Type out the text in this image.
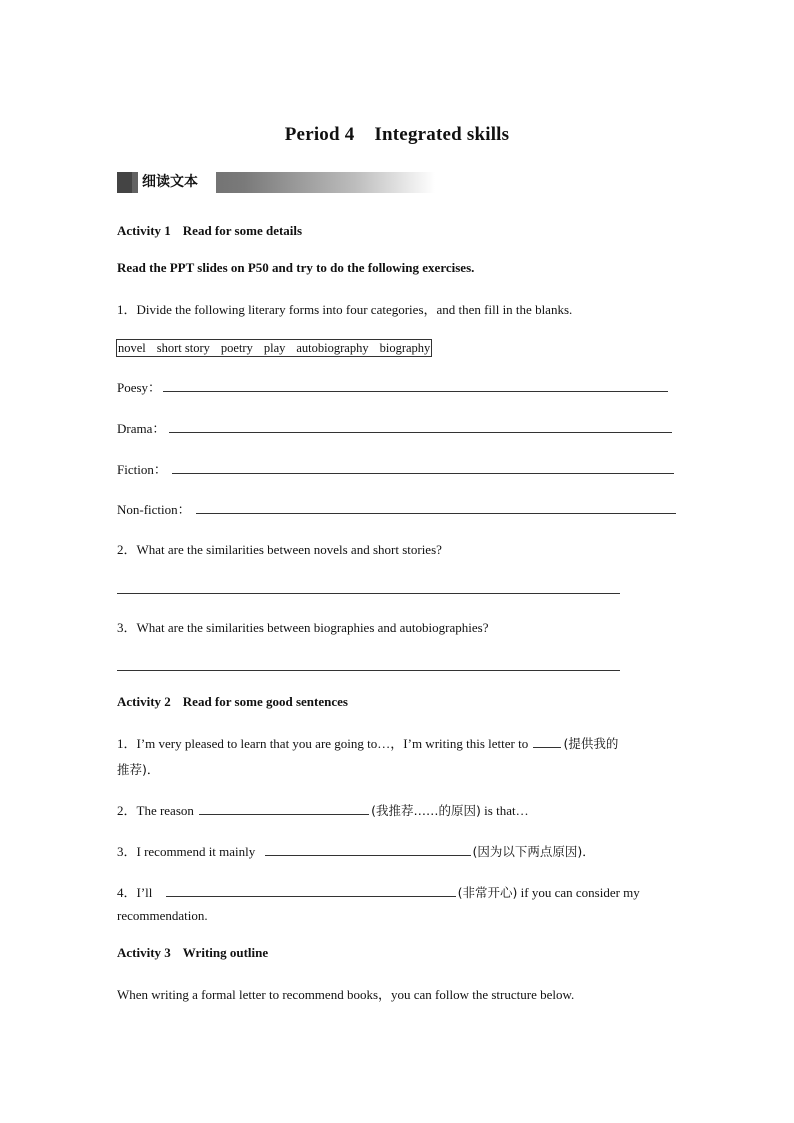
Period 4 Integrated skills
细读文本
Activity 1 Read for some details
Read the PPT slides on P50 and try to do the following exercises.
1．Divide the following literary forms into four categories，and then fill in the blanks.
novel short story poetry play autobiography biography
Poesy：
Drama：
Fiction：
Non-fiction：
2．What are the similarities between novels and short stories?
3．What are the similarities between biographies and autobiographies?
Activity 2 Read for some good sentences
1．I’m very pleased to learn that you are going to…，I’m writing this letter to	(提供我的
推荐)．
2．The reason	(我推荐……的原因) is that…
3．I recommend it mainly	(因为以下两点原因)．
4．I’ll	(非常开心) if you can consider my
recommendation.
Activity 3 Writing outline
When writing a formal letter to recommend books，you can follow the structure below.
